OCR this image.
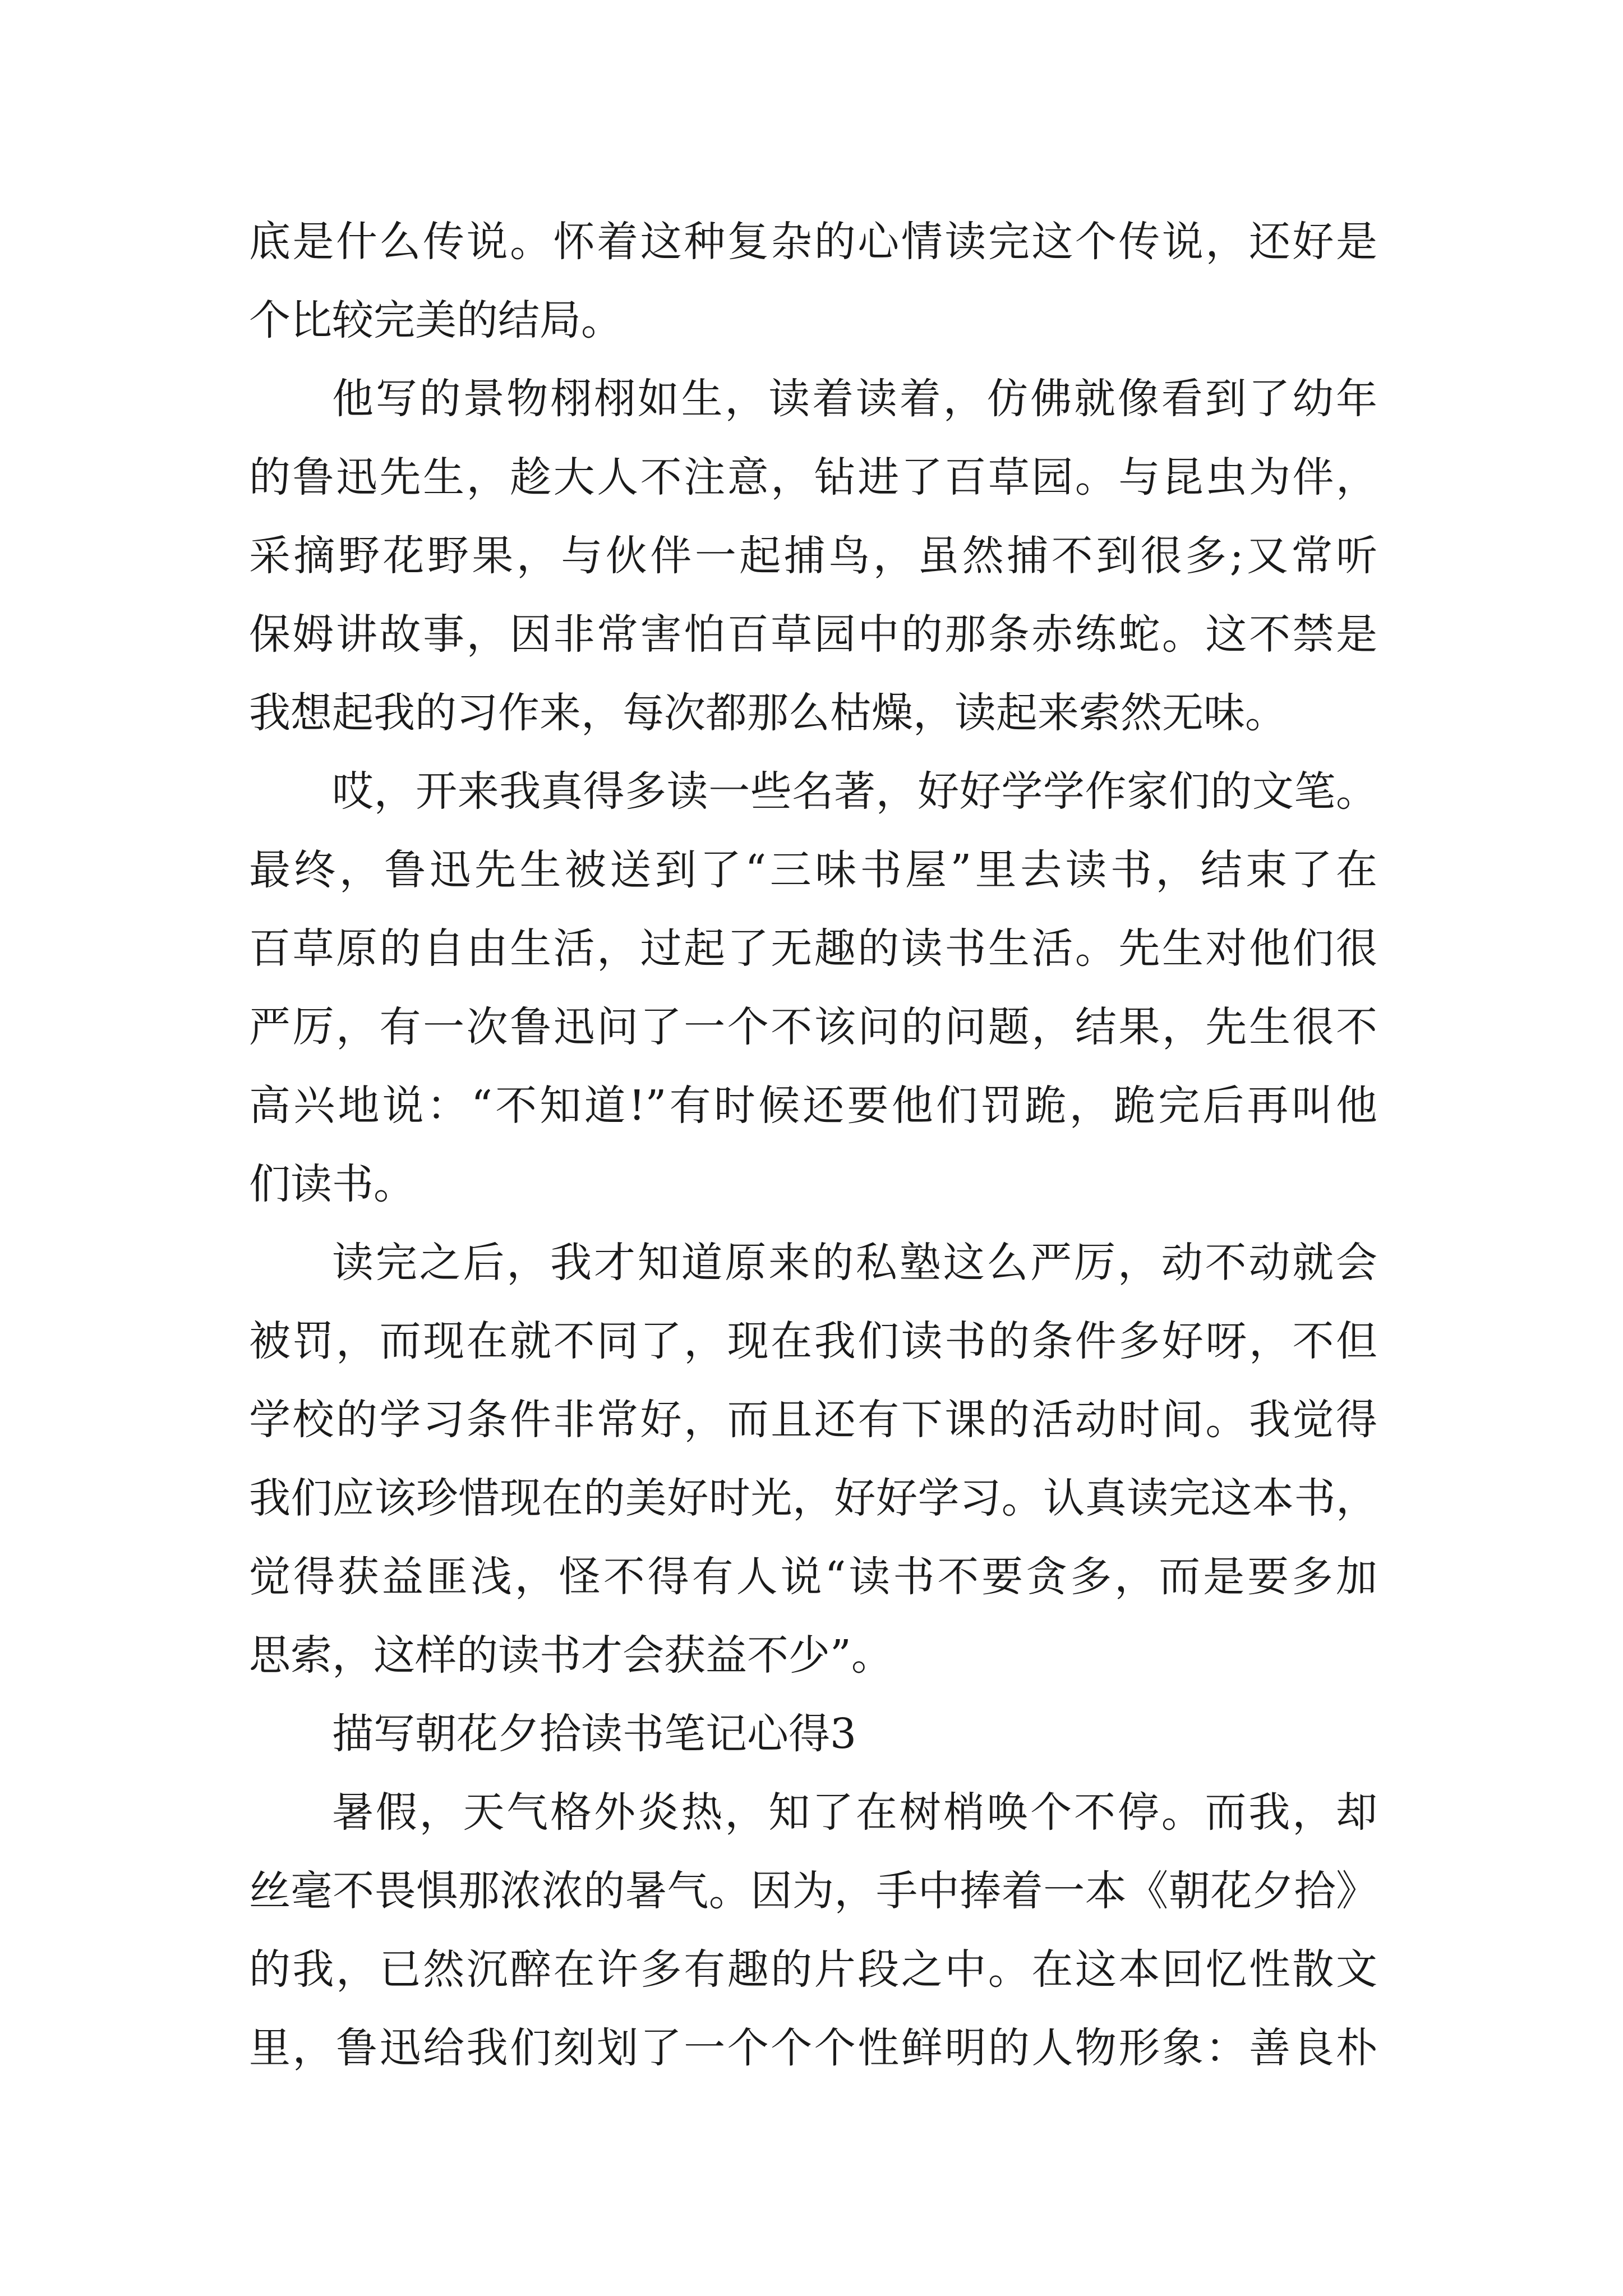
底是什么传说。怀着这种复杂的心情读完这个传说，还好是
个比较完美的结局。
他写的景物栩栩如生，读着读着，仿佛就像看到了幼年
的鲁迅先生，趁大人不注意，钻进了百草园。与昆虫为伴，
采摘野花野果，与伙伴一起捕鸟，虽然捕不到很多;又常听
保姆讲故事，因非常害怕百草园中的那条赤练蛇。这不禁是
我想起我的习作来，每次都那么枯燥，读起来索然无味。
哎，开来我真得多读一些名著，好好学学作家们的文笔。
最终，鲁迅先生被送到了“三味书屋”里去读书，结束了在
百草原的自由生活，过起了无趣的读书生活。先生对他们很
严厉，有一次鲁迅问了一个不该问的问题，结果，先生很不
高兴地说：“不知道!”有时候还要他们罚跪，跪完后再叫他
们读书。
读完之后，我才知道原来的私塾这么严厉，动不动就会
被罚，而现在就不同了，现在我们读书的条件多好呀，不但
学校的学习条件非常好，而且还有下课的活动时间。我觉得
我们应该珍惜现在的美好时光，好好学习。认真读完这本书，
觉得获益匪浅，怪不得有人说“读书不要贪多，而是要多加
思索，这样的读书才会获益不少”。
描写朝花夕拾读书笔记心得3
暑假，天气格外炎热，知了在树梢唤个不停。而我，却
丝毫不畏惧那浓浓的暑气。因为，手中捧着一本《朝花夕拾》
的我，已然沉醉在许多有趣的片段之中。在这本回忆性散文
里，鲁迅给我们刻划了一个个个性鲜明的人物形象：善良朴
